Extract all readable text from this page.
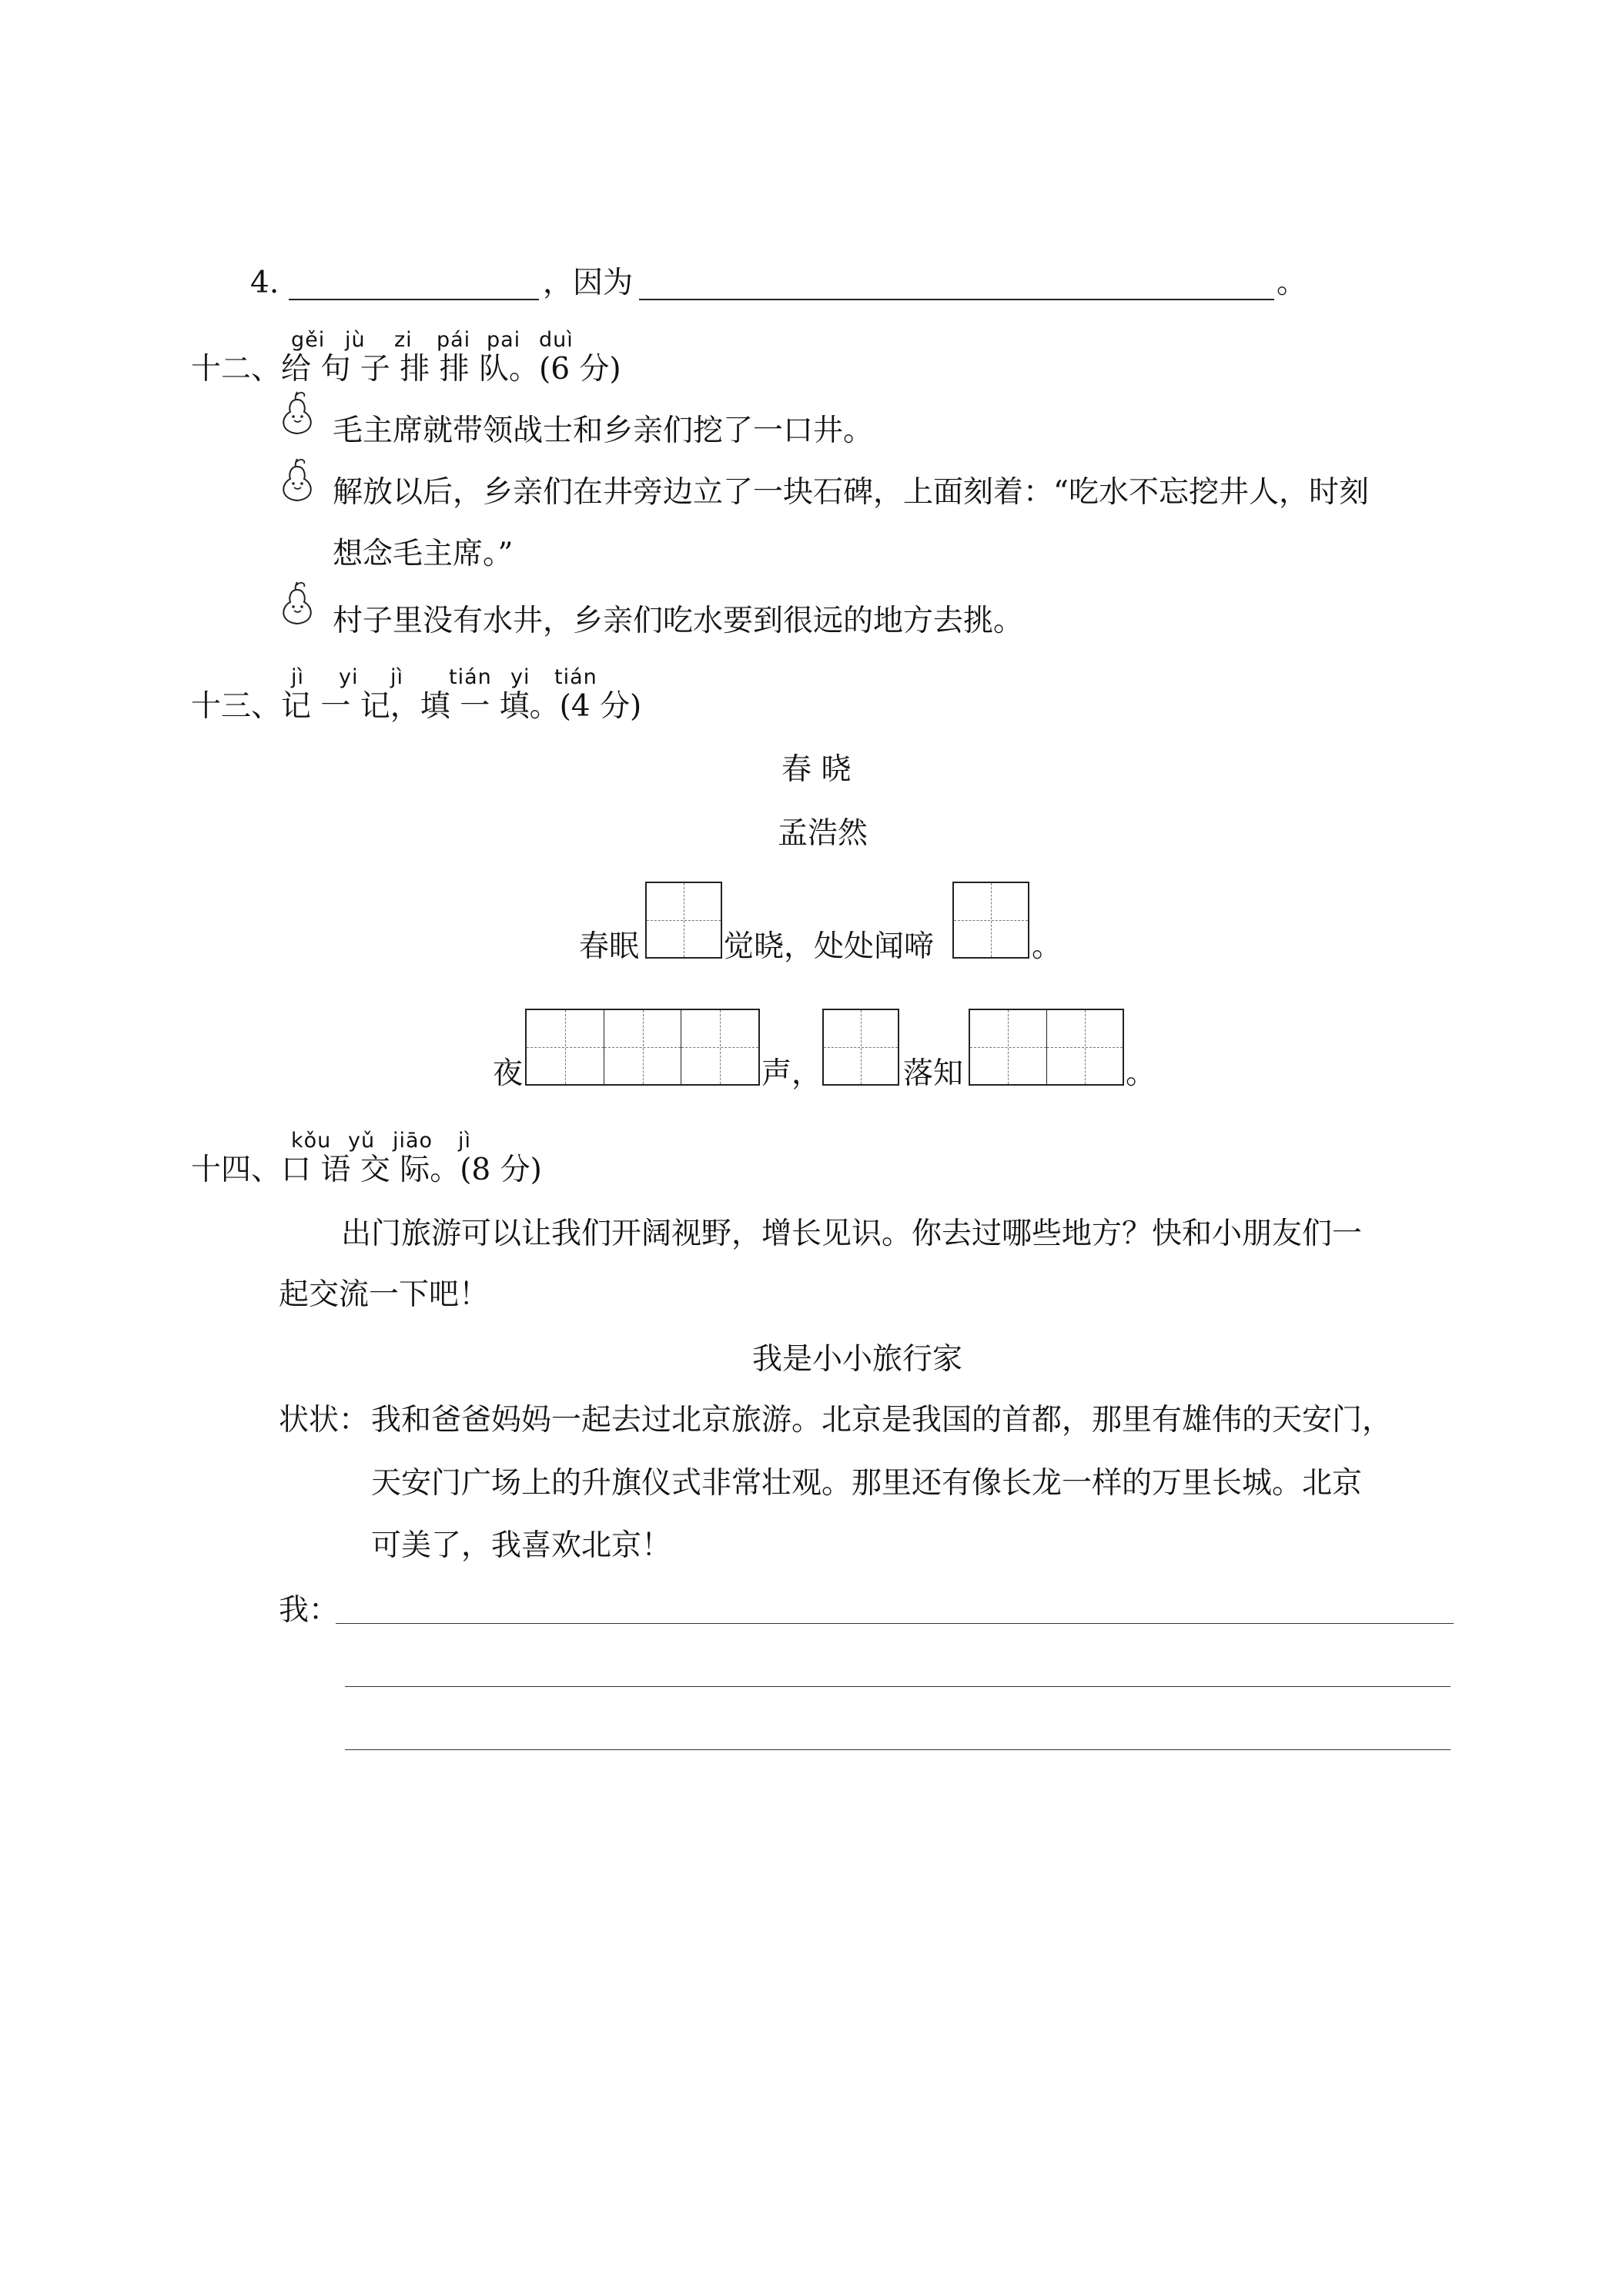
4.	，因为	。
gěi jù zi pái pai duì
十二、给 句 子 排 排 队。(6 分)
毛主席就带领战士和乡亲们挖了一口井。
解放以后，乡亲们在井旁边立了一块石碑，上面刻着：“吃水不忘挖井人，时刻
想念毛主席。”
村子里没有水井，乡亲们吃水要到很远的地方去挑。
jì yi jì tián yi tián
十三、记 一 记，填 一 填。(4 分)
春 晓
孟浩然
春眠	觉晓，处处闻啼	。
夜	声，	落知	。
kǒu yǔ jiāo jì
十四、口 语 交 际。(8 分)
出门旅游可以让我们开阔视野，增长见识。你去过哪些地方？快和小朋友们一
起交流一下吧！
我是小小旅行家
状状： 我和爸爸妈妈一起去过北京旅游。北京是我国的首都，那里有雄伟的天安门，
天安门广场上的升旗仪式非常壮观。那里还有像长龙一样的万里长城。北京
可美了，我喜欢北京！
我：
